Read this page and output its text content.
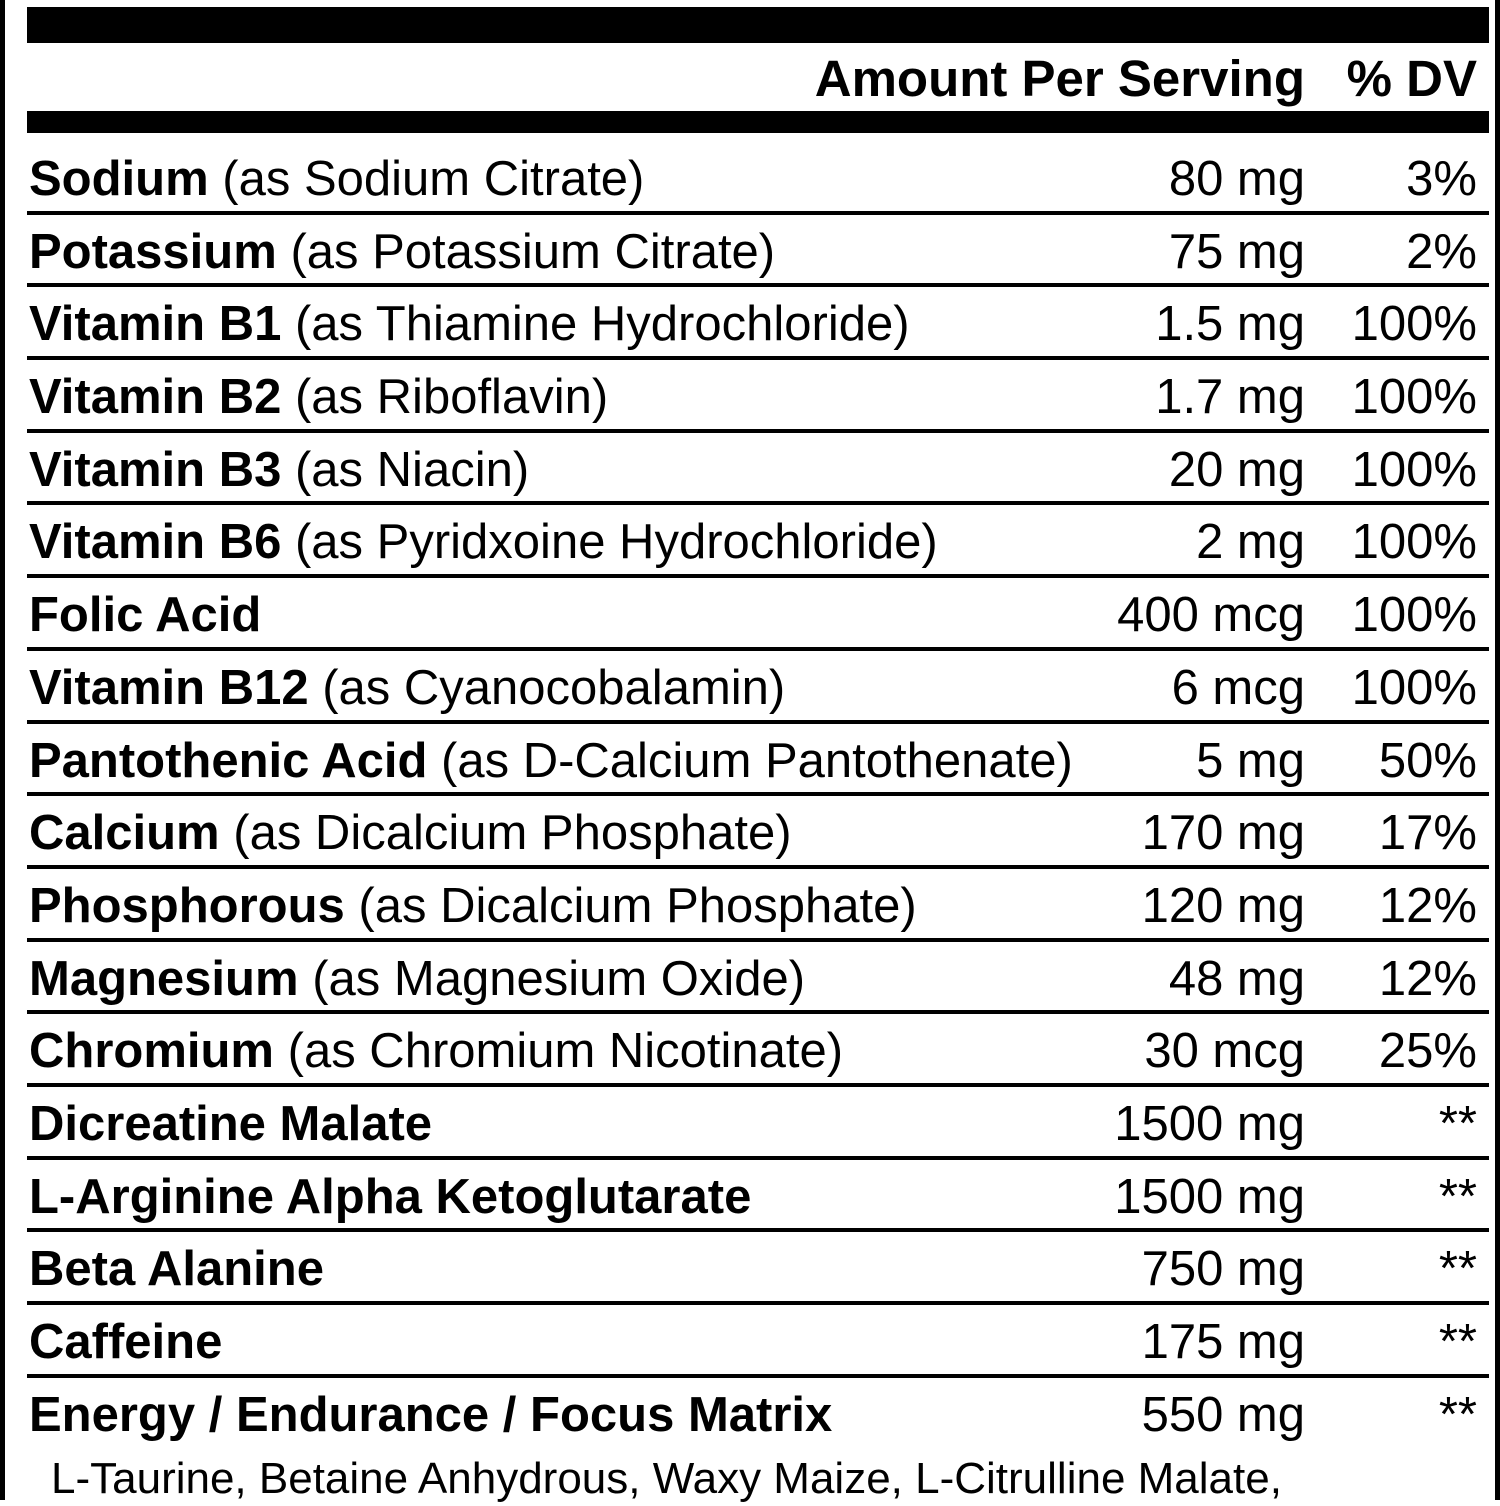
Amount Per Serving % DV
Sodium (as Sodium Citrate)	80 mg 3%
Potassium (as Potassium Citrate)	75 mg 2%
Vitamin B1 (as Thiamine Hydrochloride)	1.5 mg 100%
Vitamin B2 (as Riboflavin)	1.7 mg 100%
Vitamin B3 (as Niacin)	20 mg 100%
Vitamin B6 (as Pyridxoine Hydrochloride)	2 mg 100%
Folic Acid	400 mcg 100%
Vitamin B12 (as Cyanocobalamin)	6 mcg 100%
Pantothenic Acid (as D-Calcium Pantothenate)	5 mg 50%
Calcium (as Dicalcium Phosphate)	170 mg 17%
Phosphorous (as Dicalcium Phosphate)	120 mg 12%
Magnesium (as Magnesium Oxide)	48 mg 12%
Chromium (as Chromium Nicotinate)	30 mcg 25%
Dicreatine Malate	1500 mg	**
L-Arginine Alpha Ketoglutarate	1500 mg	**
Beta Alanine	750 mg	**
Caffeine	175 mg	**
Energy / Endurance / Focus Matrix	550 mg	**
L-Taurine, Betaine Anhydrous, Waxy Maize, L-Citrulline Malate,
